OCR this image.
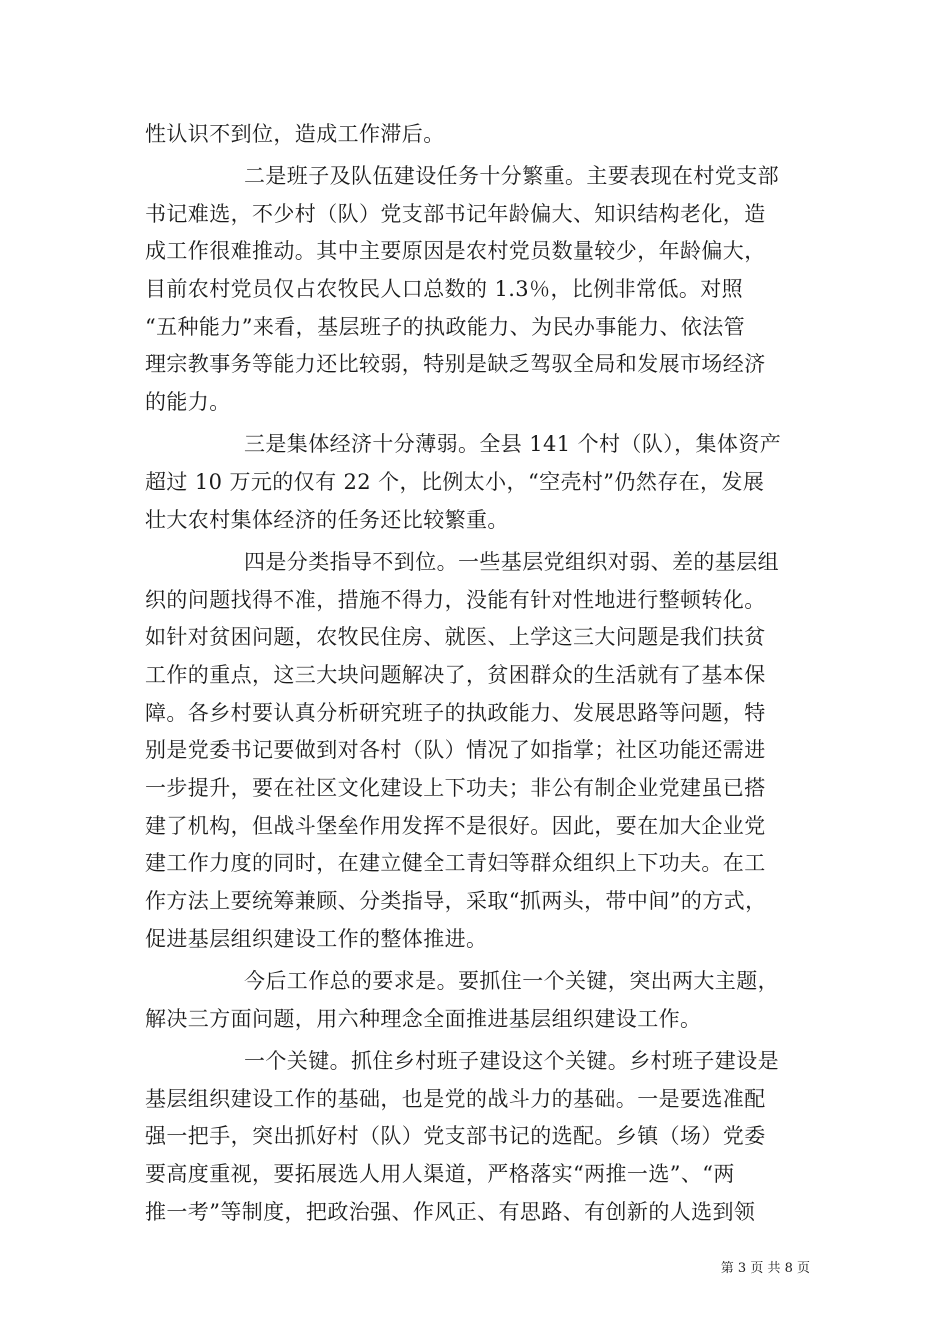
性认识不到位，造成工作滞后。
二是班子及队伍建设任务十分繁重。主要表现在村党支部
书记难选，不少村（队）党支部书记年龄偏大、知识结构老化，造
成工作很难推动。其中主要原因是农村党员数量较少，年龄偏大，
目前农村党员仅占农牧民人口总数的 1.3％，比例非常低。对照
“五种能力”来看，基层班子的执政能力、为民办事能力、依法管
理宗教事务等能力还比较弱，特别是缺乏驾驭全局和发展市场经济
的能力。
三是集体经济十分薄弱。全县 141 个村（队），集体资产
超过 10 万元的仅有 22 个，比例太小，“空壳村”仍然存在，发展
壮大农村集体经济的任务还比较繁重。
四是分类指导不到位。一些基层党组织对弱、差的基层组
织的问题找得不准，措施不得力，没能有针对性地进行整顿转化。
如针对贫困问题，农牧民住房、就医、上学这三大问题是我们扶贫
工作的重点，这三大块问题解决了，贫困群众的生活就有了基本保
障。各乡村要认真分析研究班子的执政能力、发展思路等问题，特
别是党委书记要做到对各村（队）情况了如指掌；社区功能还需进
一步提升，要在社区文化建设上下功夫；非公有制企业党建虽已搭
建了机构，但战斗堡垒作用发挥不是很好。因此，要在加大企业党
建工作力度的同时，在建立健全工青妇等群众组织上下功夫。在工
作方法上要统筹兼顾、分类指导，采取“抓两头，带中间”的方式，
促进基层组织建设工作的整体推进。
今后工作总的要求是。要抓住一个关键，突出两大主题，
解决三方面问题，用六种理念全面推进基层组织建设工作。
一个关键。抓住乡村班子建设这个关键。乡村班子建设是
基层组织建设工作的基础，也是党的战斗力的基础。一是要选准配
强一把手，突出抓好村（队）党支部书记的选配。乡镇（场）党委
要高度重视，要拓展选人用人渠道，严格落实“两推一选”、“两
推一考”等制度，把政治强、作风正、有思路、有创新的人选到领
第 3 页 共 8 页
